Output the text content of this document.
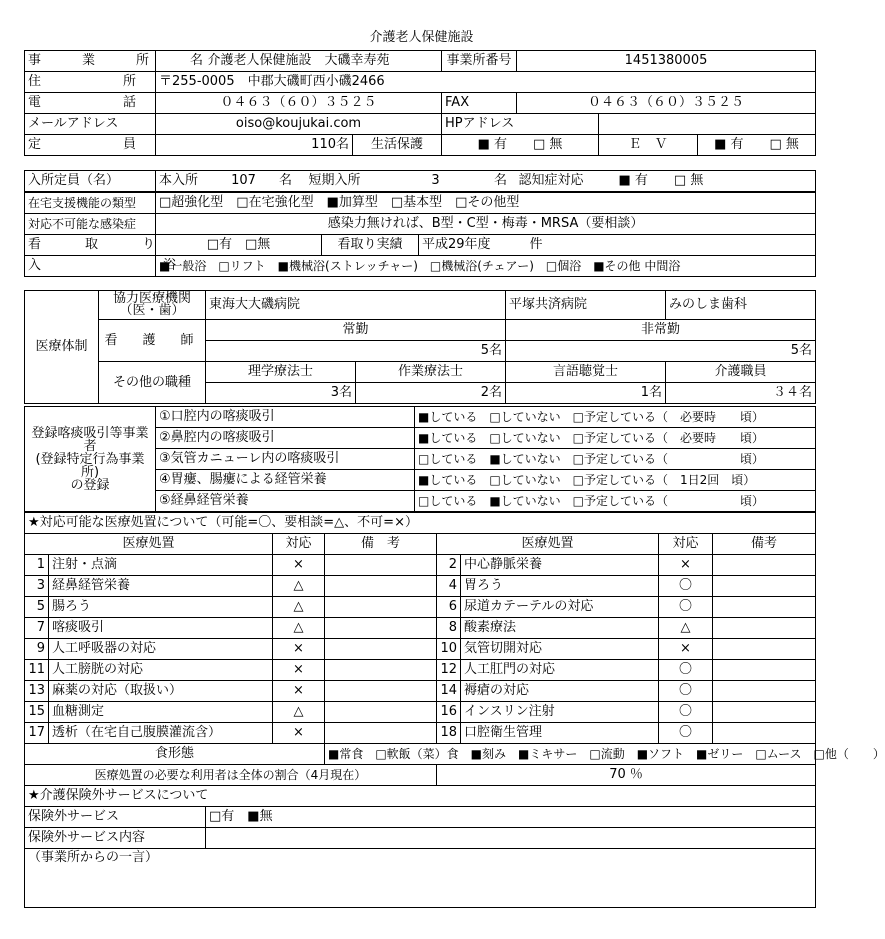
介護老人保健施設
事　業　所　名	介護老人保健施設　大磯幸寿苑		事業所番号	1451380005		
住　　　　所	〒255-0005　中郡大磯町西小磯2466					
電　　　　話	０４６３（６０）３５２５		FAX	０４６３（６０）３５２５		
メールアドレス	oiso@koujukai.com		HPアドレス			
定　　　　員	110名	生活保護	■ 有　　□ 無		Ｅ　Ｖ	■ 有　　□ 無
入所定員（名）	本入所	107	名	短期入所	3	名	認知症対応	■ 有　　□ 無
在宅支援機能の類型	□超強化型　□在宅強化型　■加算型　□基本型　□その他型		
対応不可能な感染症	感染力無ければ、B型・C型・梅毒・MRSA（要相談）		
看　　取　　り	□有　□無	看取り実績	平成29年度　　　件
入　　　　浴	■一般浴　□リフト　■機械浴(ストレッチャー)　□機械浴(チェアー)　□個浴　■その他 中間浴		
医療体制	協力医療機関
（医・歯）	東海大大磯病院		平塚共済病院	みのしま歯科	
	看　護　師	常勤		非常勤	
		5名		5名	
	その他の職種	理学療法士	作業療法士	言語聴覚士	介護職員	
		3名	2名	1名	３４名	
登録喀痰吸引等事業者
(登録特定行為事業所)
の登録	①口腔内の喀痰吸引	■している　□していない　□予定している（　必要時　　頃）
	②鼻腔内の喀痰吸引	■している　□していない　□予定している（　必要時　　頃）
	③気管カニューレ内の喀痰吸引	□している　■していない　□予定している（　　　　　　頃）
	④胃瘻、腸瘻による経管栄養	■している　□していない　□予定している（　1日2回　頃）
	⑤経鼻経管栄養	□している　■していない　□予定している（　　　　　　頃）
★対応可能な医療処置について（可能=〇、要相談=△、不可=×）							
医療処置		対応	備　考	医療処置		対応	備考
1	注射・点滴	×		2	中心静脈栄養	×	
3	経鼻経管栄養	△		4	胃ろう	〇	
5	腸ろう	△		6	尿道カテーテルの対応	〇	
7	喀痰吸引	△		8	酸素療法	△	
9	人工呼吸器の対応	×		10	気管切開対応	×	
11	人工膀胱の対応	×		12	人工肛門の対応	〇	
13	麻薬の対応（取扱い）	×		14	褥瘡の対応	〇	
15	血糖測定	△		16	インスリン注射	〇	
17	透析（在宅自己腹膜灌流含）	×		18	口腔衛生管理	〇	
食形態			■常食　□軟飯（菜）食　■刻み　■ミキサー　□流動　■ソフト　■ゼリー　□ムース　□他（　　）				
医療処置の必要な利用者は全体の割合（4月現在）				70 ％			
★介護保険外サービスについて	
保険外サービス	□有　■無
保険外サービス内容	
（事業所からの一言）	
